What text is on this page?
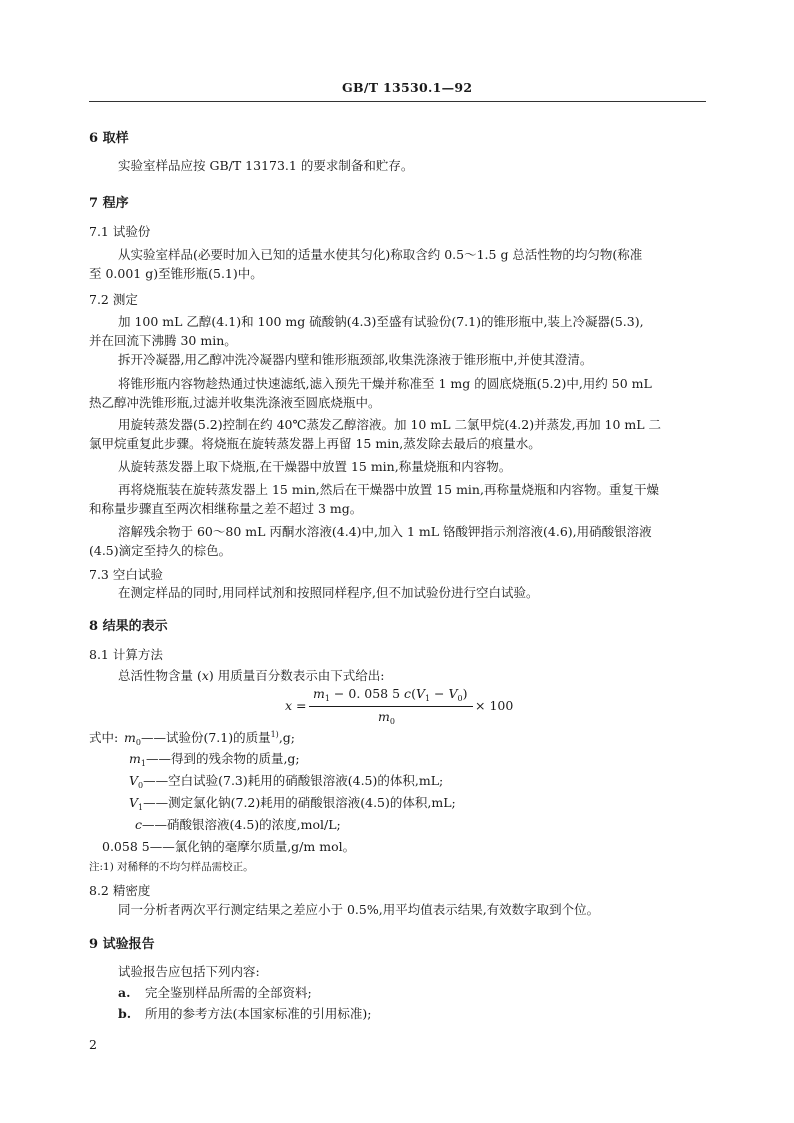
GB/T 13530.1—92
6 取样
实验室样品应按 GB/T 13173.1 的要求制备和贮存。
7 程序
7.1 试验份
从实验室样品(必要时加入已知的适量水使其匀化)称取含约 0.5～1.5 g 总活性物的均匀物(称准
至 0.001 g)至锥形瓶(5.1)中。
7.2 测定
加 100 mL 乙醇(4.1)和 100 mg 硫酸钠(4.3)至盛有试验份(7.1)的锥形瓶中,装上冷凝器(5.3),
并在回流下沸腾 30 min。
拆开冷凝器,用乙醇冲洗冷凝器内壁和锥形瓶颈部,收集洗涤液于锥形瓶中,并使其澄清。
将锥形瓶内容物趁热通过快速滤纸,滤入预先干燥并称准至 1 mg 的圆底烧瓶(5.2)中,用约 50 mL
热乙醇冲洗锥形瓶,过滤并收集洗涤液至圆底烧瓶中。
用旋转蒸发器(5.2)控制在约 40℃蒸发乙醇溶液。加 10 mL 二氯甲烷(4.2)并蒸发,再加 10 mL 二
氯甲烷重复此步骤。将烧瓶在旋转蒸发器上再留 15 min,蒸发除去最后的痕量水。
从旋转蒸发器上取下烧瓶,在干燥器中放置 15 min,称量烧瓶和内容物。
再将烧瓶装在旋转蒸发器上 15 min,然后在干燥器中放置 15 min,再称量烧瓶和内容物。重复干燥
和称量步骤直至两次相继称量之差不超过 3 mg。
溶解残余物于 60～80 mL 丙酮水溶液(4.4)中,加入 1 mL 铬酸钾指示剂溶液(4.6),用硝酸银溶液
(4.5)滴定至持久的棕色。
7.3 空白试验
在测定样品的同时,用同样试剂和按照同样程序,但不加试验份进行空白试验。
8 结果的表示
8.1 计算方法
总活性物含量 (x) 用质量百分数表示由下式给出:
x =
$m_1 - 0$. 058 5 $c(V_1 - V_0)$
$m_0$
× 100
式中: $m_0——$试验份(7.1)的质量$^{1)}$,g;
$m_1——$得到的残余物的质量,g;
$V_0——$空白试验(7.3)耗用的硝酸银溶液(4.5)的体积,mL;
$V_1——$测定氯化钠(7.2)耗用的硝酸银溶液(4.5)的体积,mL;
c——硝酸银溶液(4.5)的浓度,mol/L;
0.058 5——氯化钠的毫摩尔质量,g/m mol。
注:1) 对稀释的不均匀样品需校正。
8.2 精密度
同一分析者两次平行测定结果之差应小于 0.5%,用平均值表示结果,有效数字取到个位。
9 试验报告
试验报告应包括下列内容:
a. 完全鉴别样品所需的全部资料;
b. 所用的参考方法(本国家标准的引用标准);
2
